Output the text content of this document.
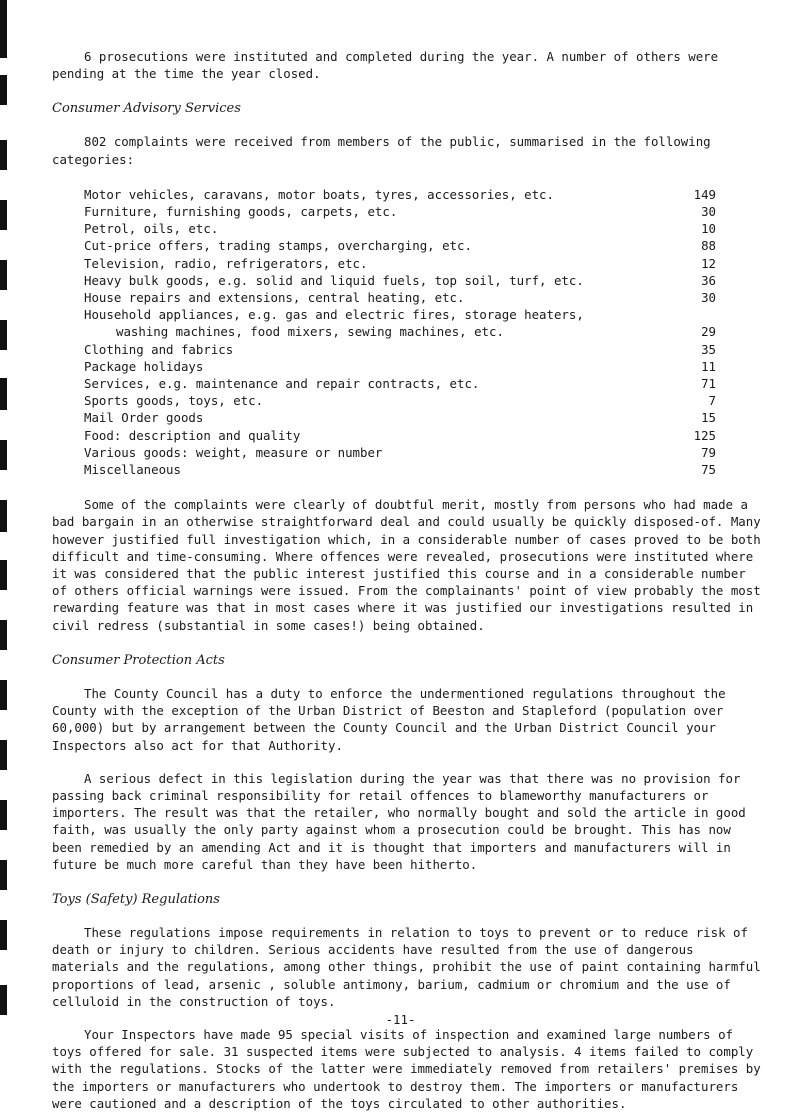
6 prosecutions were instituted and completed during the year. A number of others were pending at the time the year closed.

Consumer Advisory Services

802 complaints were received from members of the public, summarised in the following categories:

Motor vehicles, caravans, motor boats, tyres, accessories, etc.	149
Furniture, furnishing goods, carpets, etc.	30
Petrol, oils, etc.	10
Cut-price offers, trading stamps, overcharging, etc.	88
Television, radio, refrigerators, etc.	12
Heavy bulk goods, e.g. solid and liquid fuels, top soil, turf, etc.	36
House repairs and extensions, central heating, etc.	30
Household appliances, e.g. gas and electric fires, storage heaters,	
washing machines, food mixers, sewing machines, etc.	29
Clothing and fabrics	35
Package holidays	11
Services, e.g. maintenance and repair contracts, etc.	71
Sports goods, toys, etc.	7
Mail Order goods	15
Food: description and quality	125
Various goods: weight, measure or number	79
Miscellaneous	75

Some of the complaints were clearly of doubtful merit, mostly from persons who had made a bad bargain in an otherwise straightforward deal and could usually be quickly disposed-of. Many however justified full investigation which, in a considerable number of cases proved to be both difficult and time-consuming. Where offences were revealed, prosecutions were instituted where it was considered that the public interest justified this course and in a considerable number of others official warnings were issued. From the complainants' point of view probably the most rewarding feature was that in most cases where it was justified our investigations resulted in civil redress (substantial in some cases!) being obtained.

Consumer Protection Acts

The County Council has a duty to enforce the undermentioned regulations throughout the County with the exception of the Urban District of Beeston and Stapleford (population over 60,000) but by arrangement between the County Council and the Urban District Council your Inspectors also act for that Authority.

A serious defect in this legislation during the year was that there was no provision for passing back criminal responsibility for retail offences to blameworthy manufacturers or importers. The result was that the retailer, who normally bought and sold the article in good faith, was usually the only party against whom a prosecution could be brought. This has now been remedied by an amending Act and it is thought that importers and manufacturers will in future be much more careful than they have been hitherto.

Toys (Safety) Regulations

These regulations impose requirements in relation to toys to prevent or to reduce risk of death or injury to children. Serious accidents have resulted from the use of dangerous materials and the regulations, among other things, prohibit the use of paint containing harmful proportions of lead, arsenic , soluble antimony, barium, cadmium or chromium and the use of celluloid in the construction of toys.

Your Inspectors have made 95 special visits of inspection and examined large numbers of toys offered for sale. 31 suspected items were subjected to analysis. 4 items failed to comply with the regulations. Stocks of the latter were immediately removed from retailers' premises by the importers or manufacturers who undertook to destroy them. The importers or manufacturers were cautioned and a description of the toys circulated to other authorities.

-11-
